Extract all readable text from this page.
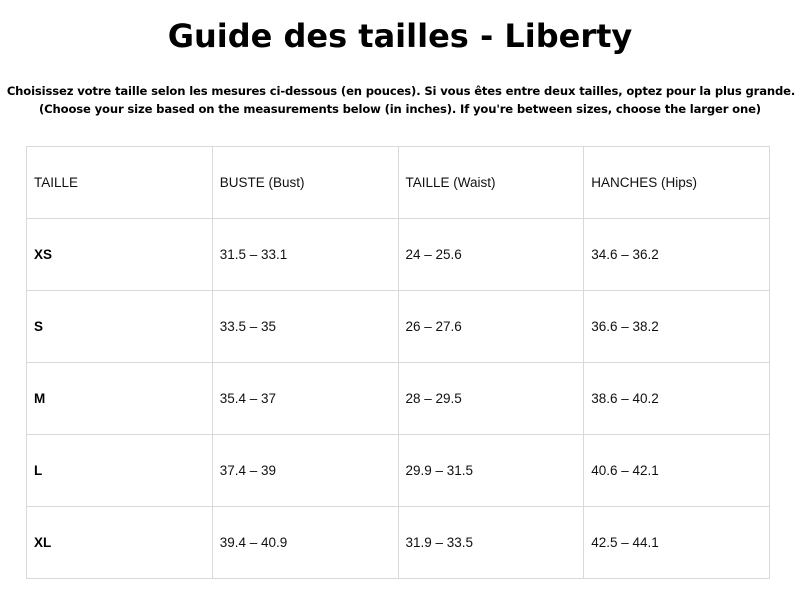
Guide des tailles - Liberty
Choisissez votre taille selon les mesures ci-dessous (en pouces). Si vous êtes entre deux tailles, optez pour la plus grande.
(Choose your size based on the measurements below (in inches). If you're between sizes, choose the larger one)
TAILLE	BUSTE (Bust)	TAILLE (Waist)	HANCHES (Hips)
XS	31.5 – 33.1	24 – 25.6	34.6 – 36.2
S	33.5 – 35	26 – 27.6	36.6 – 38.2
M	35.4 – 37	28 – 29.5	38.6 – 40.2
L	37.4 – 39	29.9 – 31.5	40.6 – 42.1
XL	39.4 – 40.9	31.9 – 33.5	42.5 – 44.1
